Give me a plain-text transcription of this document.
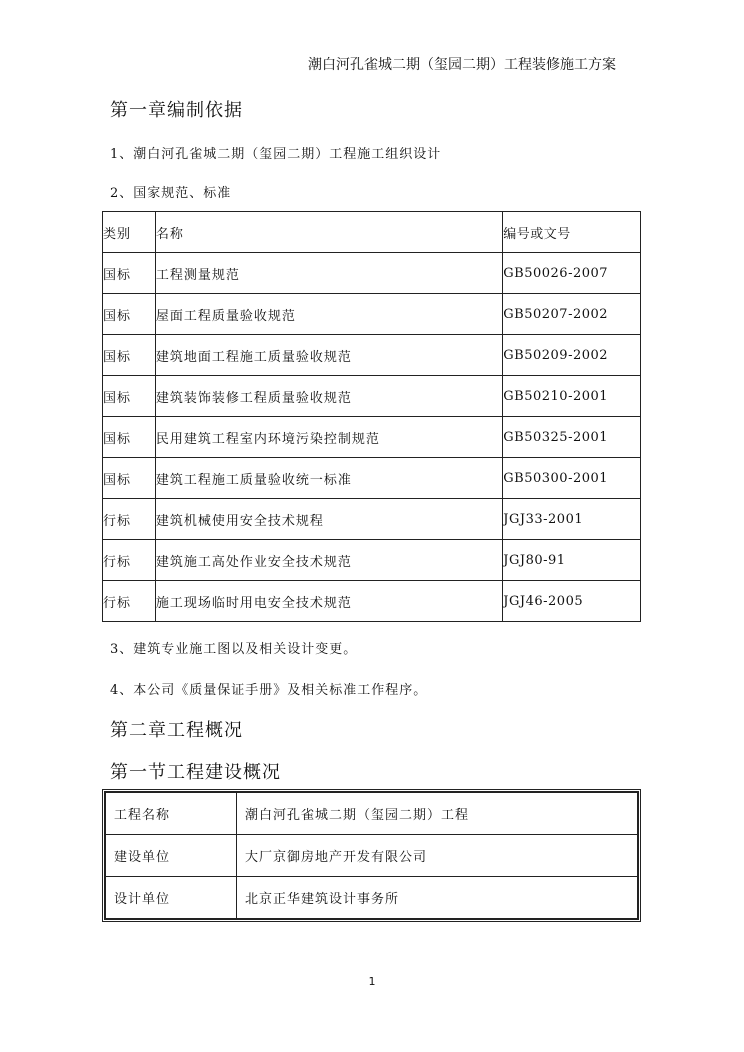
潮白河孔雀城二期（玺园二期）工程装修施工方案
第一章编制依据
1、潮白河孔雀城二期（玺园二期）工程施工组织设计
2、国家规范、标准
类别	名称	编号或文号
国标	工程测量规范	GB50026-2007
国标	屋面工程质量验收规范	GB50207-2002
国标	建筑地面工程施工质量验收规范	GB50209-2002
国标	建筑装饰装修工程质量验收规范	GB50210-2001
国标	民用建筑工程室内环境污染控制规范	GB50325-2001
国标	建筑工程施工质量验收统一标准	GB50300-2001
行标	建筑机械使用安全技术规程	JGJ33-2001
行标	建筑施工高处作业安全技术规范	JGJ80-91
行标	施工现场临时用电安全技术规范	JGJ46-2005
3、建筑专业施工图以及相关设计变更。
4、本公司《质量保证手册》及相关标准工作程序。
第二章工程概况
第一节工程建设概况
工程名称	潮白河孔雀城二期（玺园二期）工程
建设单位	大厂京御房地产开发有限公司
设计单位	北京正华建筑设计事务所
1
